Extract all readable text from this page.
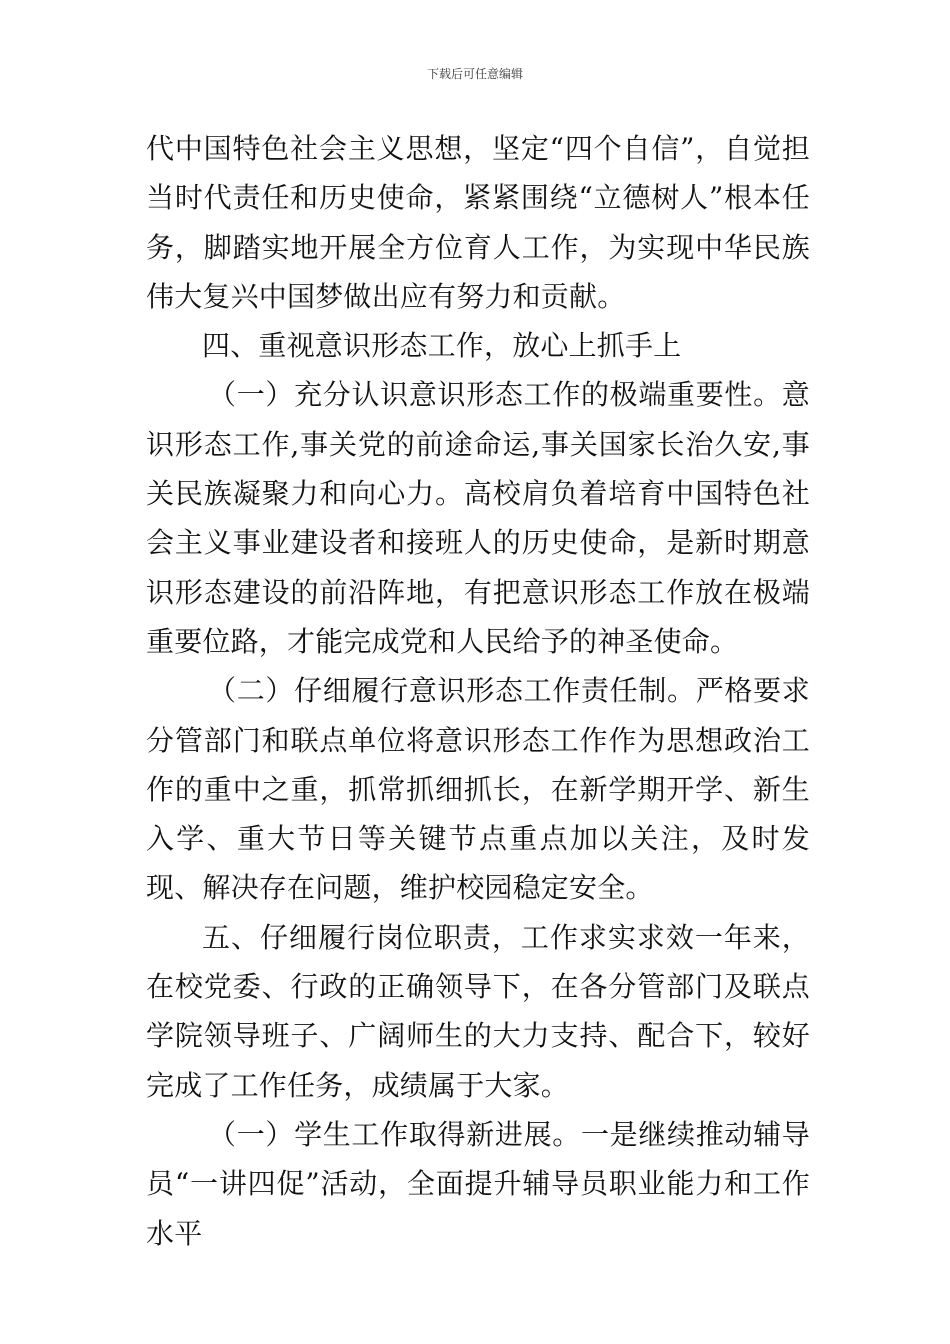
下载后可任意编辑

代中国特色社会主义思想，坚定“四个自信”，自觉担当时代责任和历史使命，紧紧围绕“立德树人”根本任务，脚踏实地开展全方位育人工作，为实现中华民族伟大复兴中国梦做出应有努力和贡献。

四、重视意识形态工作，放心上抓手上

（一）充分认识意识形态工作的极端重要性。意识形态工作,事关党的前途命运,事关国家长治久安,事关民族凝聚力和向心力。高校肩负着培育中国特色社会主义事业建设者和接班人的历史使命，是新时期意识形态建设的前沿阵地，有把意识形态工作放在极端重要位路，才能完成党和人民给予的神圣使命。

（二）仔细履行意识形态工作责任制。严格要求分管部门和联点单位将意识形态工作作为思想政治工作的重中之重，抓常抓细抓长，在新学期开学、新生入学、重大节日等关键节点重点加以关注，及时发现、解决存在问题，维护校园稳定安全。

五、仔细履行岗位职责，工作求实求效一年来，在校党委、行政的正确领导下，在各分管部门及联点学院领导班子、广阔师生的大力支持、配合下，较好完成了工作任务，成绩属于大家。

（一）学生工作取得新进展。一是继续推动辅导员“一讲四促”活动，全面提升辅导员职业能力和工作水平
